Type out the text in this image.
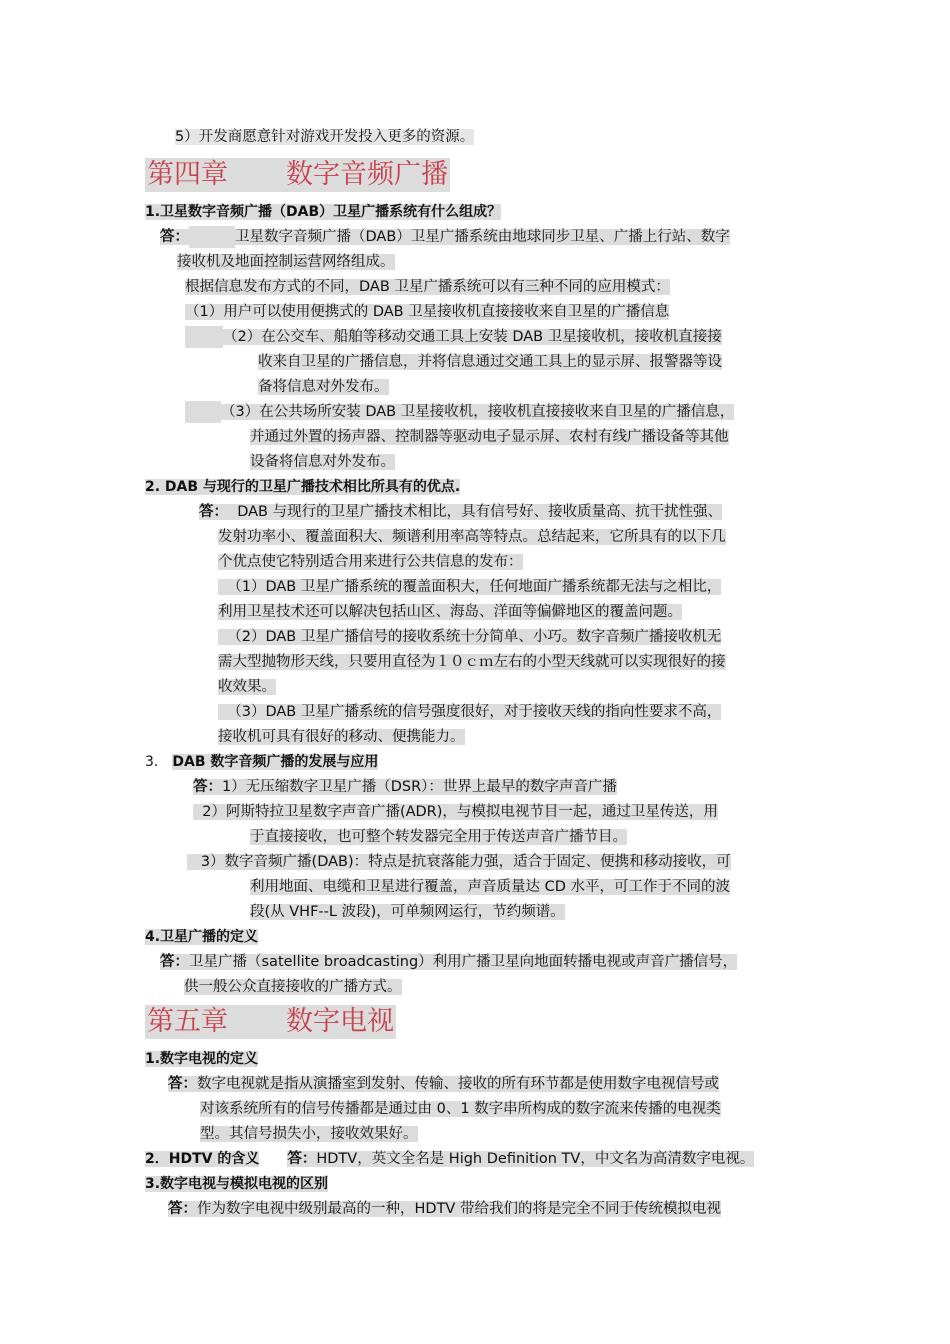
5）开发商愿意针对游戏开发投入更多的资源。
第四章 数字音频广播
1.卫星数字音频广播（DAB）卫星广播系统有什么组成？
答：	卫星数字音频广播（DAB）卫星广播系统由地球同步卫星、广播上行站、数字
接收机及地面控制运营网络组成。
根据信息发布方式的不同，DAB 卫星广播系统可以有三种不同的应用模式：
（1）用户可以使用便携式的 DAB 卫星接收机直接接收来自卫星的广播信息
（2）在公交车、船舶等移动交通工具上安装 DAB 卫星接收机，接收机直接接
收来自卫星的广播信息，并将信息通过交通工具上的显示屏、报警器等设
备将信息对外发布。
（3）在公共场所安装 DAB 卫星接收机，接收机直接接收来自卫星的广播信息，
并通过外置的扬声器、控制器等驱动电子显示屏、农村有线广播设备等其他
设备将信息对外发布。
2. DAB 与现行的卫星广播技术相比所具有的优点.
答： DAB 与现行的卫星广播技术相比，具有信号好、接收质量高、抗干扰性强、
发射功率小、覆盖面积大、频谱利用率高等特点。总结起来，它所具有的以下几
个优点使它特别适合用来进行公共信息的发布：
（1）DAB 卫星广播系统的覆盖面积大，任何地面广播系统都无法与之相比，
利用卫星技术还可以解决包括山区、海岛、洋面等偏僻地区的覆盖问题。
（2）DAB 卫星广播信号的接收系统十分简单、小巧。数字音频广播接收机无
需大型抛物形天线，只要用直径为１０ｃｍ左右的小型天线就可以实现很好的接
收效果。
（3）DAB 卫星广播系统的信号强度很好，对于接收天线的指向性要求不高，
接收机可具有很好的移动、便携能力。
3. DAB 数字音频广播的发展与应用
答：1）无压缩数字卫星广播（DSR）：世界上最早的数字声音广播
2）阿斯特拉卫星数字声音广播(ADR)，与模拟电视节目一起，通过卫星传送，用
于直接接收，也可整个转发器完全用于传送声音广播节目。
3）数字音频广播(DAB)：特点是抗衰落能力强，适合于固定、便携和移动接收，可
利用地面、电缆和卫星进行覆盖，声音质量达 CD 水平，可工作于不同的波
段(从 VHF--L 波段)，可单频网运行，节约频谱。
4.卫星广播的定义
答：卫星广播（satellite broadcasting）利用广播卫星向地面转播电视或声音广播信号，
供一般公众直接接收的广播方式。
第五章 数字电视
1.数字电视的定义
答：数字电视就是指从演播室到发射、传输、接收的所有环节都是使用数字电视信号或
对该系统所有的信号传播都是通过由 0、1 数字串所构成的数字流来传播的电视类
型。其信号损失小，接收效果好。
2．HDTV 的含义 答：HDTV，英文全名是 High Definition TV，中文名为高清数字电视。
3.数字电视与模拟电视的区别
答：作为数字电视中级别最高的一种，HDTV 带给我们的将是完全不同于传统模拟电视
